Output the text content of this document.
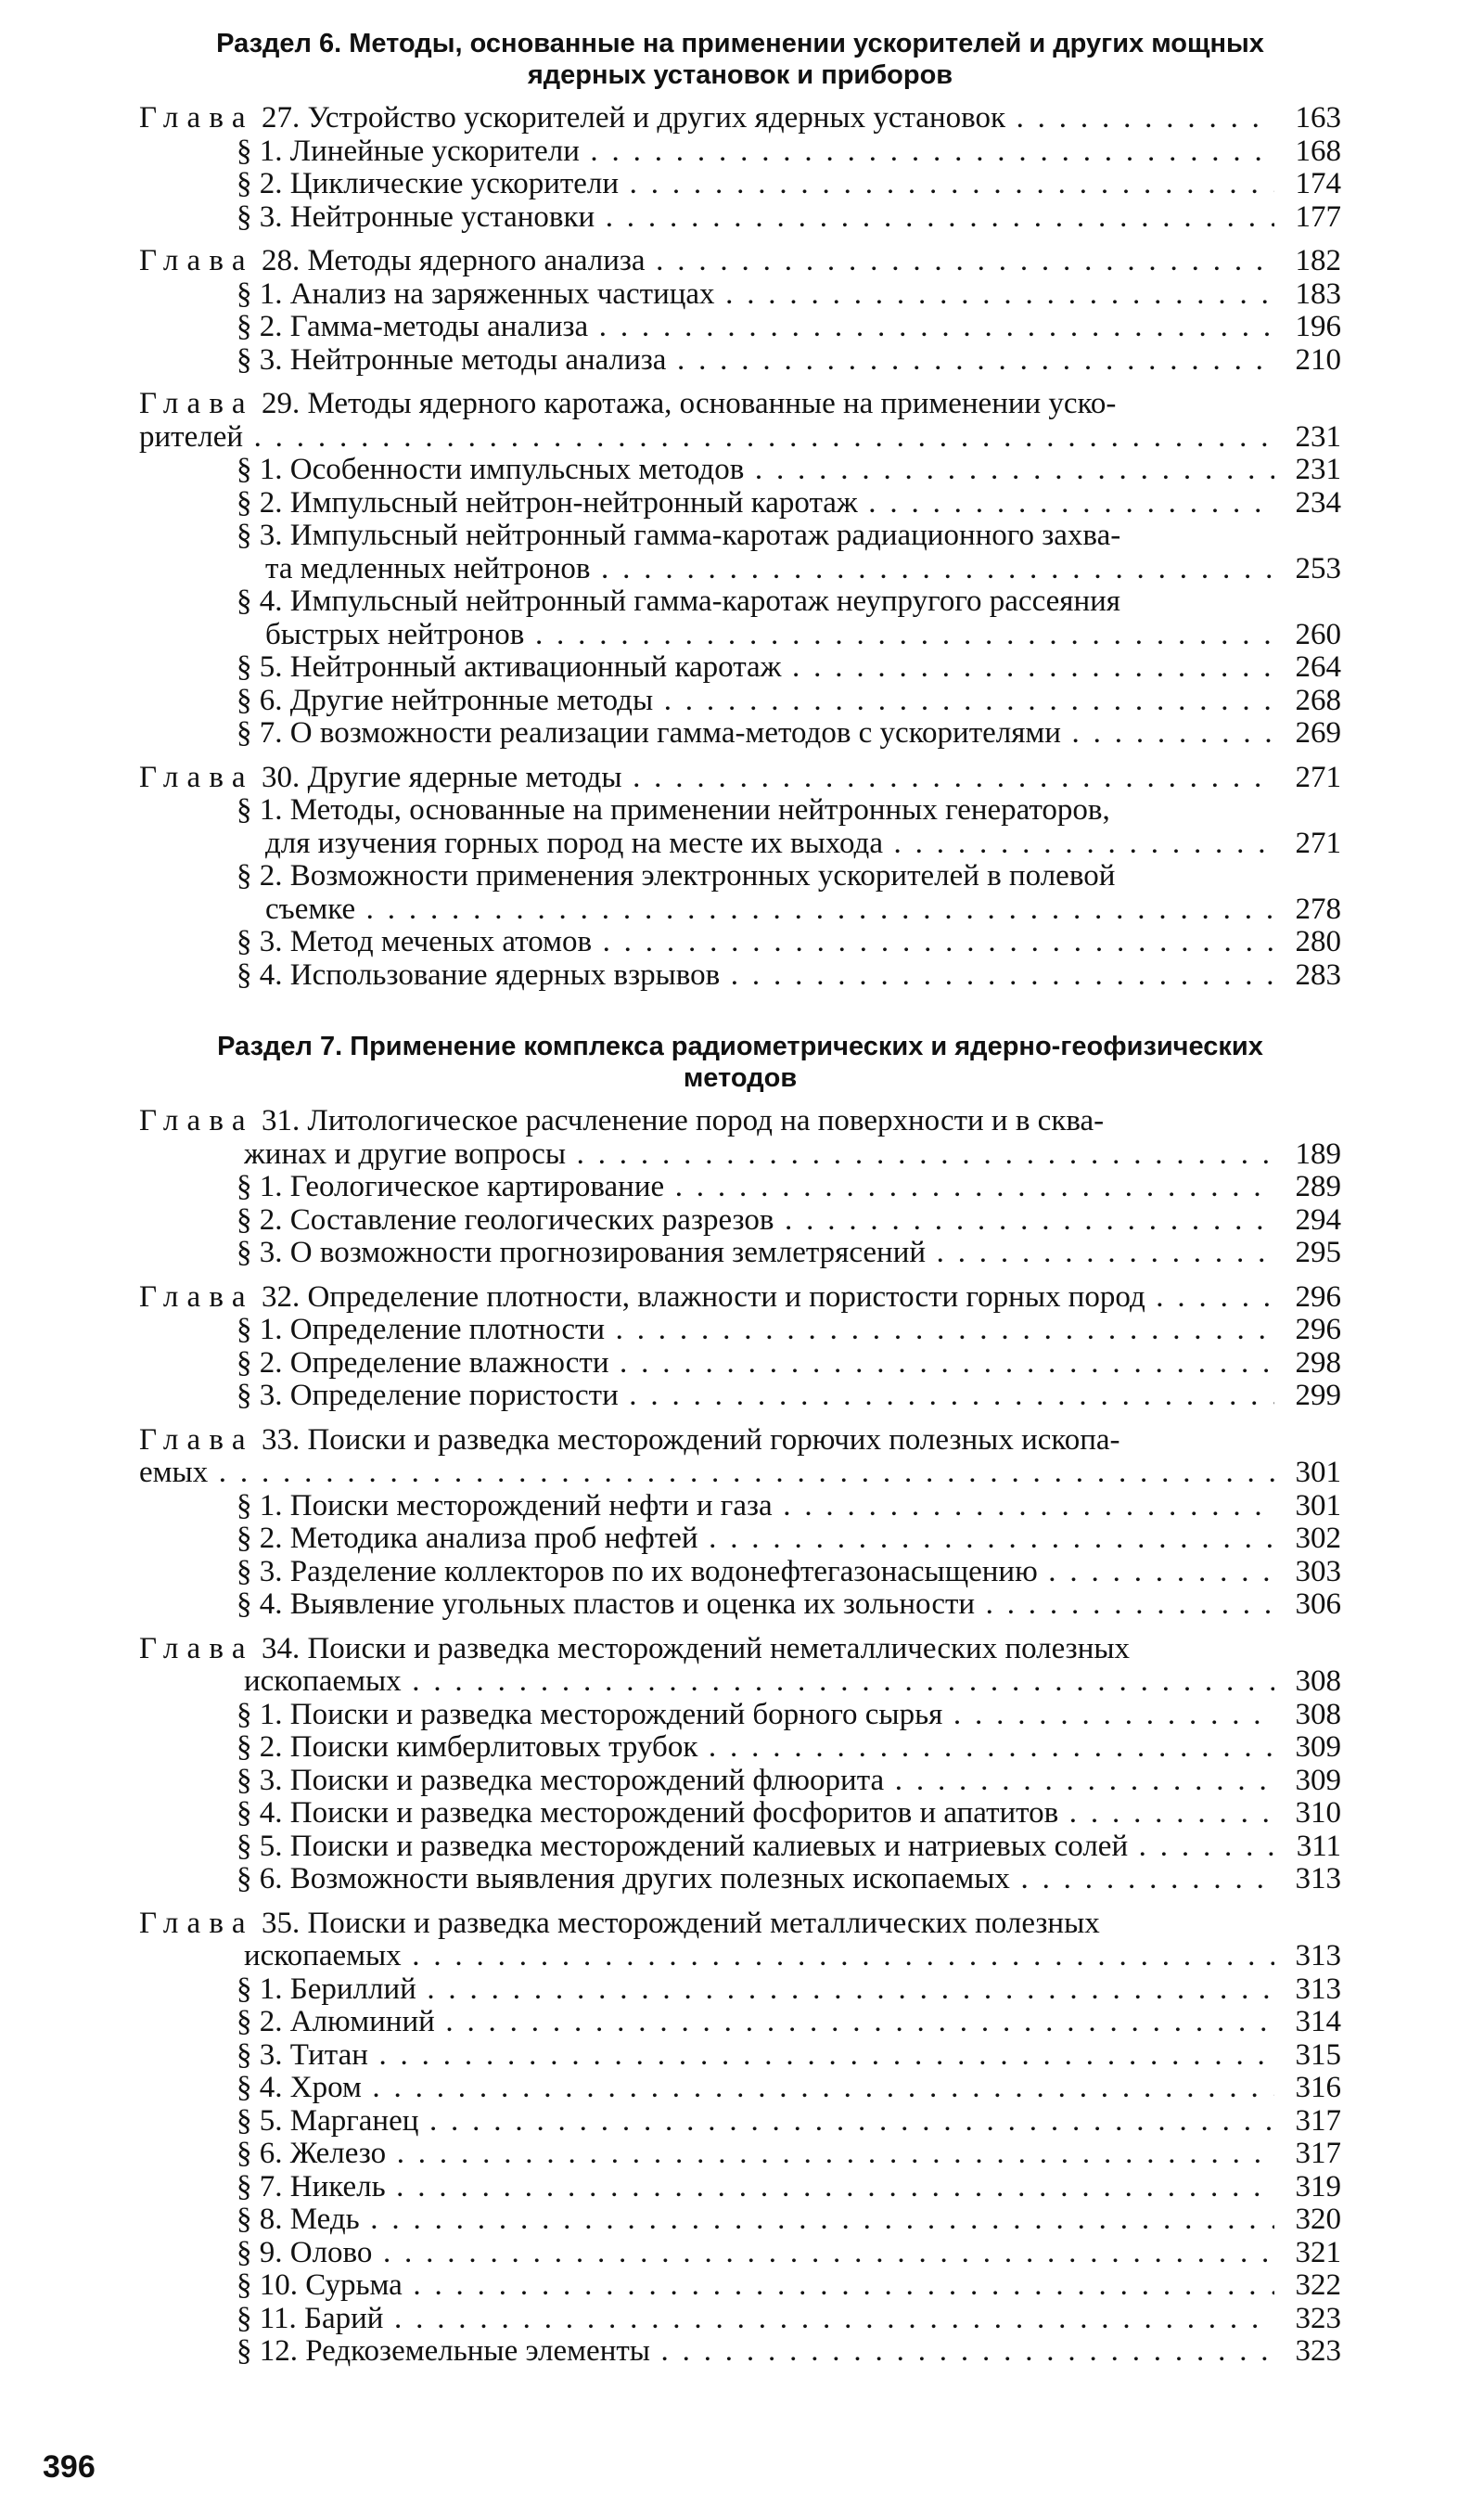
Раздел 6. Методы, основанные на применении ускорителей и других мощных ядерных установок и приборов
Глава 27. Устройство ускорителей и других ядерных установок . . .	163
§ 1. Линейные ускорители . . .	168
§ 2. Циклические ускорители . . .	174
§ 3. Нейтронные установки . . .	177
Глава 28. Методы ядерного анализа . . .	182
§ 1. Анализ на заряженных частицах . . .	183
§ 2. Гамма-методы анализа . . .	196
§ 3. Нейтронные методы анализа . . .	210
Глава 29. Методы ядерного каротажа, основанные на применении уско-
рителей . . .	231
§ 1. Особенности импульсных методов . . .	231
§ 2. Импульсный нейтрон-нейтронный каротаж . . .	234
§ 3. Импульсный нейтронный гамма-каротаж радиационного захва-
та медленных нейтронов . . .	253
§ 4. Импульсный нейтронный гамма-каротаж неупругого рассеяния
быстрых нейтронов . . .	260
§ 5. Нейтронный активационный каротаж . . .	264
§ 6. Другие нейтронные методы . . .	268
§ 7. О возможности реализации гамма-методов с ускорителями . . .	269
Глава 30. Другие ядерные методы . . .	271
§ 1. Методы, основанные на применении нейтронных генераторов,
для изучения горных пород на месте их выхода . . .	271
§ 2. Возможности применения электронных ускорителей в полевой
съемке . . .	278
§ 3. Метод меченых атомов . . .	280
§ 4. Использование ядерных взрывов . . .	283
Раздел 7. Применение комплекса радиометрических и ядерно-геофизических методов
Глава 31. Литологическое расчленение пород на поверхности и в сква-
жинах и другие вопросы . . .	189
§ 1. Геологическое картирование . . .	289
§ 2. Составление геологических разрезов . . .	294
§ 3. О возможности прогнозирования землетрясений . . .	295
Глава 32. Определение плотности, влажности и пористости горных пород . . .	296
§ 1. Определение плотности . . .	296
§ 2. Определение влажности . . .	298
§ 3. Определение пористости . . .	299
Глава 33. Поиски и разведка месторождений горючих полезных ископа-
емых . . .	301
§ 1. Поиски месторождений нефти и газа . . .	301
§ 2. Методика анализа проб нефтей . . .	302
§ 3. Разделение коллекторов по их водонефтегазонасыщению . . .	303
§ 4. Выявление угольных пластов и оценка их зольности . . .	306
Глава 34. Поиски и разведка месторождений неметаллических полезных
ископаемых . . .	308
§ 1. Поиски и разведка месторождений борного сырья . . .	308
§ 2. Поиски кимберлитовых трубок . . .	309
§ 3. Поиски и разведка месторождений флюорита . . .	309
§ 4. Поиски и разведка месторождений фосфоритов и апатитов . . .	310
§ 5. Поиски и разведка месторождений калиевых и натриевых солей . . .	311
§ 6. Возможности выявления других полезных ископаемых . . .	313
Глава 35. Поиски и разведка месторождений металлических полезных
ископаемых . . .	313
§ 1. Бериллий . . .	313
§ 2. Алюминий . . .	314
§ 3. Титан . . .	315
§ 4. Хром . . .	316
§ 5. Марганец . . .	317
§ 6. Железо . . .	317
§ 7. Никель . . .	319
§ 8. Медь . . .	320
§ 9. Олово . . .	321
§ 10. Сурьма . . .	322
§ 11. Барий . . .	323
§ 12. Редкоземельные элементы . . .	323
396
